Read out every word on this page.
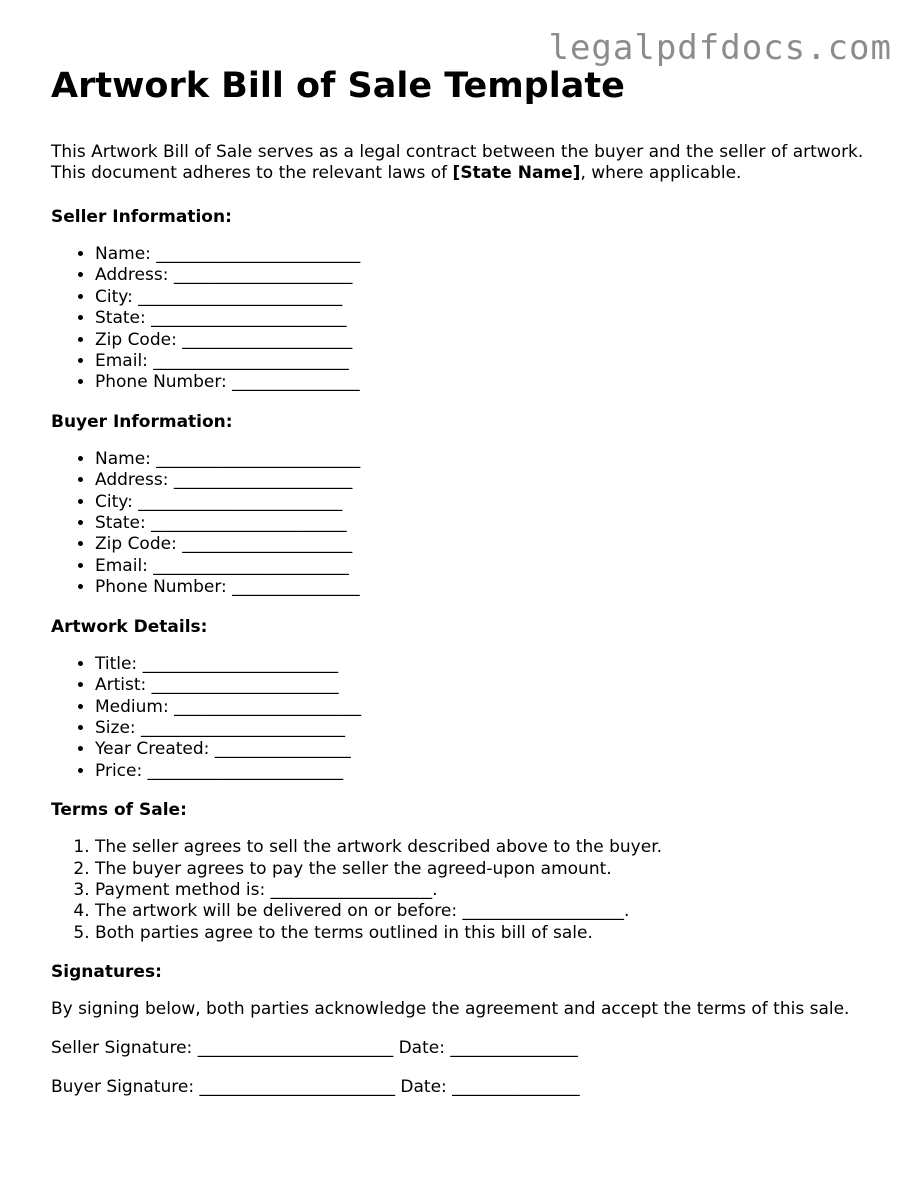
legalpdfdocs.com
Artwork Bill of Sale Template

This Artwork Bill of Sale serves as a legal contract between the buyer and the seller of artwork. This document adheres to the relevant laws of [State Name], where applicable.

Seller Information:
• Name: ________________________
• Address: _____________________
• City: ________________________
• State: _______________________
• Zip Code: ____________________
• Email: _______________________
• Phone Number: _______________
Buyer Information:
• Name: ________________________
• Address: _____________________
• City: ________________________
• State: _______________________
• Zip Code: ____________________
• Email: _______________________
• Phone Number: _______________
Artwork Details:
• Title: _______________________
• Artist: ______________________
• Medium: ______________________
• Size: ________________________
• Year Created: ________________
• Price: _______________________
Terms of Sale:
1. The seller agrees to sell the artwork described above to the buyer.
2. The buyer agrees to pay the seller the agreed-upon amount.
3. Payment method is: ___________________.
4. The artwork will be delivered on or before: ___________________.
5. Both parties agree to the terms outlined in this bill of sale.
Signatures:

By signing below, both parties acknowledge the agreement and accept the terms of this sale.

Seller Signature: _______________________ Date: _______________

Buyer Signature: _______________________ Date: _______________
